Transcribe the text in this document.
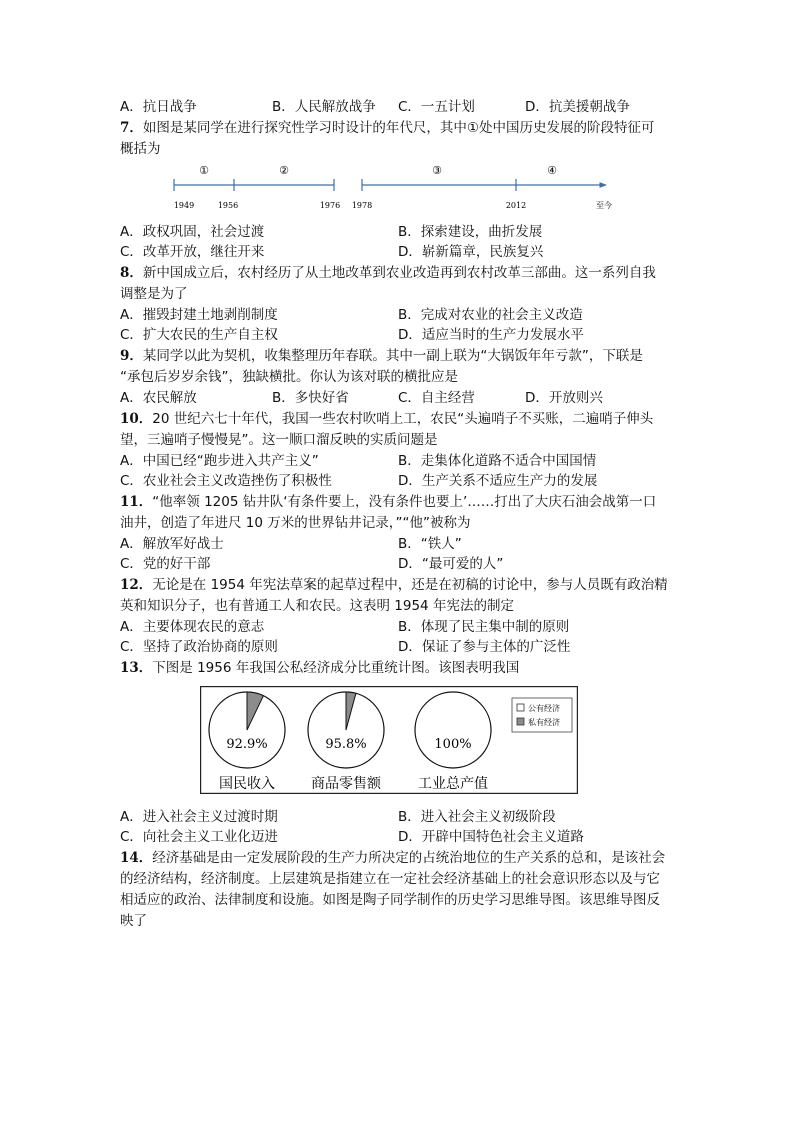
A．抗日战争	B．人民解放战争 C．一五计划	D．抗美援朝战争
7．如图是某同学在进行探究性学习时设计的年代尺，其中①处中国历史发展的阶段特征可
概括为
①	②	③	④
1949	1956	1976 1978	2012	至今
A．政权巩固，社会过渡	B．探索建设，曲折发展
C．改革开放，继往开来	D．崭新篇章，民族复兴
8．新中国成立后，农村经历了从土地改革到农业改造再到农村改革三部曲。这一系列自我
调整是为了
A．摧毁封建土地剥削制度	B．完成对农业的社会主义改造
C．扩大农民的生产自主权	D．适应当时的生产力发展水平
9．某同学以此为契机，收集整理历年春联。其中一副上联为“大锅饭年年亏款”，下联是
“承包后岁岁余钱”，独缺横批。你认为该对联的横批应是
A．农民解放	B．多快好省	C．自主经营	D．开放则兴
10．20 世纪六七十年代，我国一些农村吹哨上工，农民“头遍哨子不买账，二遍哨子伸头
望，三遍哨子慢慢晃”。这一顺口溜反映的实质问题是
A．中国已经“跑步进入共产主义”	B．走集体化道路不适合中国国情
C．农业社会主义改造挫伤了积极性	D．生产关系不适应生产力的发展
11．“他率领 1205 钻井队‘有条件要上，没有条件也要上’……打出了大庆石油会战第一口
油井，创造了年进尺 10 万米的世界钻井记录，”“他”被称为
A．解放军好战士	B．“铁人”
C．党的好干部	D．“最可爱的人”
12．无论是在 1954 年宪法草案的起草过程中，还是在初稿的讨论中，参与人员既有政治精
英和知识分子，也有普通工人和农民。这表明 1954 年宪法的制定
A．主要体现农民的意志	B．体现了民主集中制的原则
C．坚持了政治协商的原则	D．保证了参与主体的广泛性
13．下图是 1956 年我国公私经济成分比重统计图。该图表明我国
公有经济
私有经济
92.9%
国民收入
95.8%
商品零售额
100%
工业总产值
A．进入社会主义过渡时期	B．进入社会主义初级阶段
C．向社会主义工业化迈进	D．开辟中国特色社会主义道路
14．经济基础是由一定发展阶段的生产力所决定的占统治地位的生产关系的总和，是该社会
的经济结构，经济制度。上层建筑是指建立在一定社会经济基础上的社会意识形态以及与它
相适应的政治、法律制度和设施。如图是陶子同学制作的历史学习思维导图。该思维导图反
映了
